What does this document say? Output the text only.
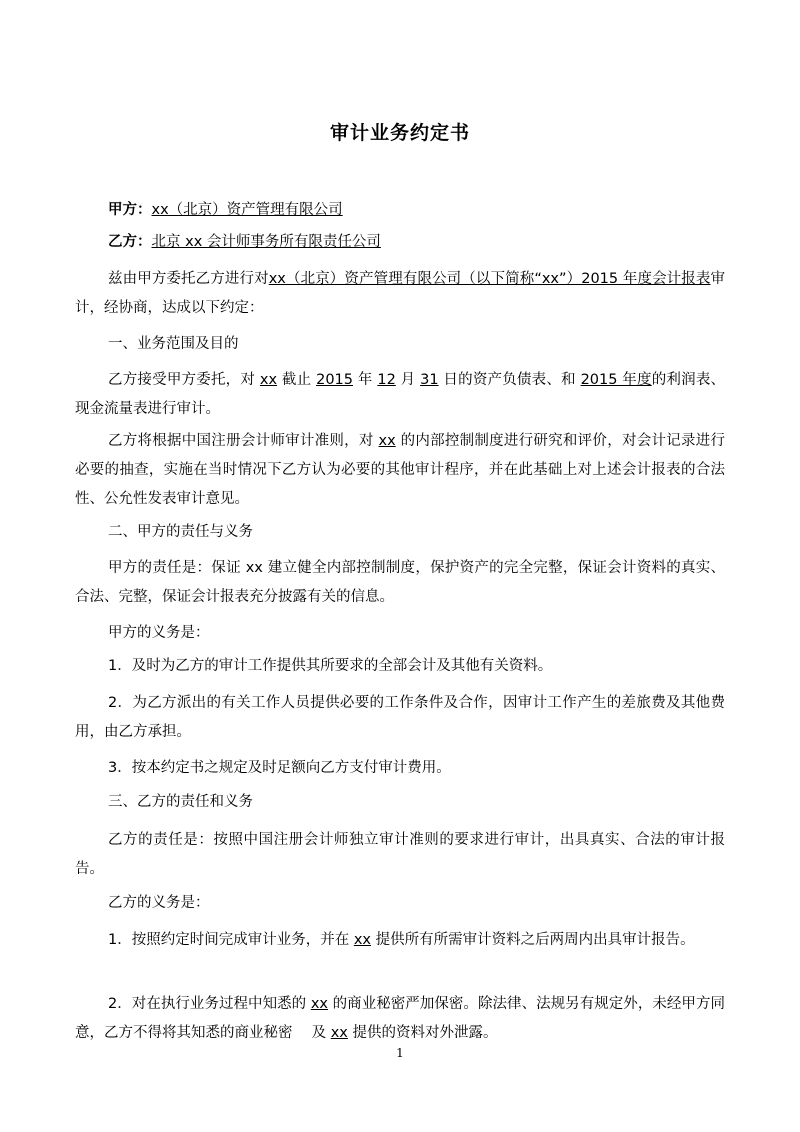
审计业务约定书

甲方：xx（北京）资产管理有限公司

乙方：北京 xx 会计师事务所有限责任公司

兹由甲方委托乙方进行对xx（北京）资产管理有限公司（以下简称“xx”）2015 年度会计报表审计，经协商，达成以下约定：

一、业务范围及目的

乙方接受甲方委托，对 xx 截止 2015 年 12 月 31 日的资产负债表、和 2015 年度的利润表、现金流量表进行审计。

乙方将根据中国注册会计师审计准则，对 xx 的内部控制制度进行研究和评价，对会计记录进行必要的抽查，实施在当时情况下乙方认为必要的其他审计程序，并在此基础上对上述会计报表的合法性、公允性发表审计意见。

二、甲方的责任与义务

甲方的责任是：保证 xx 建立健全内部控制制度，保护资产的完全完整，保证会计资料的真实、合法、完整，保证会计报表充分披露有关的信息。

甲方的义务是：

1．及时为乙方的审计工作提供其所要求的全部会计及其他有关资料。

2．为乙方派出的有关工作人员提供必要的工作条件及合作，因审计工作产生的差旅费及其他费用，由乙方承担。

3．按本约定书之规定及时足额向乙方支付审计费用。

三、乙方的责任和义务

乙方的责任是：按照中国注册会计师独立审计准则的要求进行审计，出具真实、合法的审计报告。

乙方的义务是：

1．按照约定时间完成审计业务，并在 xx 提供所有所需审计资料之后两周内出具审计报告。

2．对在执行业务过程中知悉的 xx 的商业秘密严加保密。除法律、法规另有规定外，未经甲方同意，乙方不得将其知悉的商业秘密　 及 xx 提供的资料对外泄露。

1
